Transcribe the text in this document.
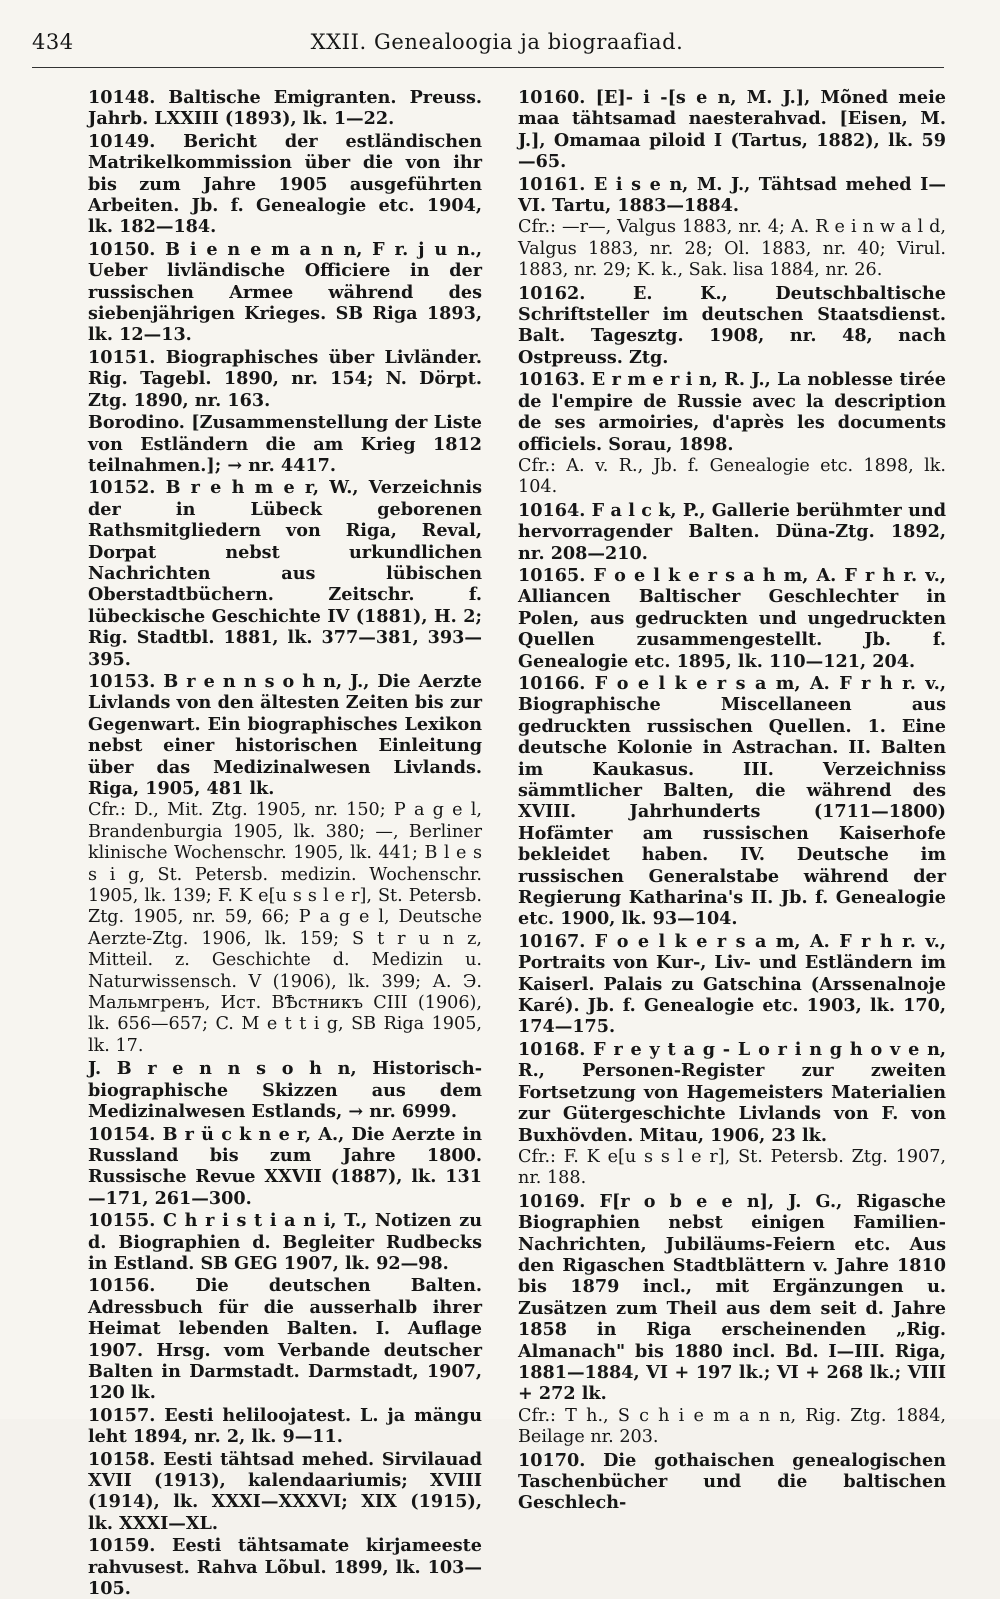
434	XXII. Genealoogia ja biograafiad.

10148. Baltische Emigranten. Preuss. Jahrb. LXXIII (1893), lk. 1—22.

10149. Bericht der estländischen Matrikelkommission über die von ihr bis zum Jahre 1905 ausgeführten Arbeiten. Jb. f. Genealogie etc. 1904, lk. 182—184.

10150. B i e n e m a n n, F r. j u n., Ueber livländische Officiere in der russischen Armee während des siebenjährigen Krieges. SB Riga 1893, lk. 12—13.

10151. Biographisches über Livländer. Rig. Tagebl. 1890, nr. 154; N. Dörpt. Ztg. 1890, nr. 163.

Borodino. [Zusammenstellung der Liste von Estländern die am Krieg 1812 teilnahmen.]; → nr. 4417.

10152. B r e h m e r, W., Verzeichnis der in Lübeck geborenen Rathsmitgliedern von Riga, Reval, Dorpat nebst urkundlichen Nachrichten aus lübischen Oberstadtbüchern. Zeitschr. f. lübeckische Geschichte IV (1881), H. 2; Rig. Stadtbl. 1881, lk. 377—381, 393—395.

10153. B r e n n s o h n, J., Die Aerzte Livlands von den ältesten Zeiten bis zur Gegenwart. Ein biographisches Lexikon nebst einer historischen Einleitung über das Medizinalwesen Livlands. Riga, 1905, 481 lk.

Cfr.: D., Mit. Ztg. 1905, nr. 150; P a g e l, Brandenburgia 1905, lk. 380; —, Berliner klinische Wochenschr. 1905, lk. 441; B l e s s i g, St. Petersb. medizin. Wochenschr. 1905, lk. 139; F. K e[u s s l e r], St. Petersb. Ztg. 1905, nr. 59, 66; P a g e l, Deutsche Aerzte-Ztg. 1906, lk. 159; S t r u n z, Mitteil. z. Geschichte d. Medizin u. Naturwissensch. V (1906), lk. 399; А. Э. Мальмгренъ, Ист. ВѢстникъ CIII (1906), lk. 656—657; C. M e t t i g, SB Riga 1905, lk. 17.

J. B r e n n s o h n, Historisch-biographische Skizzen aus dem Medizinalwesen Estlands, → nr. 6999.

10154. B r ü c k n e r, A., Die Aerzte in Russland bis zum Jahre 1800. Russische Revue XXVII (1887), lk. 131—171, 261—300.

10155. C h r i s t i a n i, T., Notizen zu d. Biographien d. Begleiter Rudbecks in Estland. SB GEG 1907, lk. 92—98.

10156. Die deutschen Balten. Adressbuch für die ausserhalb ihrer Heimat lebenden Balten. I. Auflage 1907. Hrsg. vom Verbande deutscher Balten in Darmstadt. Darmstadt, 1907, 120 lk.

10157. Eesti heliloojatest. L. ja mängu leht 1894, nr. 2, lk. 9—11.

10158. Eesti tähtsad mehed. Sirvilauad XVII (1913), kalendaariumis; XVIII (1914), lk. XXXI—XXXVI; XIX (1915), lk. XXXI—XL.

10159. Eesti tähtsamate kirjameeste rahvusest. Rahva Lõbul. 1899, lk. 103—105.

10160. [E]- i -[s e n, M. J.], Mõned meie maa tähtsamad naesterahvad. [Eisen, M. J.], Omamaa piloid I (Tartus, 1882), lk. 59—65.

10161. E i s e n, M. J., Tähtsad mehed I—VI. Tartu, 1883—1884.

Cfr.: —r—, Valgus 1883, nr. 4; A. R e i n w a l d, Valgus 1883, nr. 28; Ol. 1883, nr. 40; Virul. 1883, nr. 29; K. k., Sak. lisa 1884, nr. 26.

10162. E. K., Deutschbaltische Schriftsteller im deutschen Staatsdienst. Balt. Tagesztg. 1908, nr. 48, nach Ostpreuss. Ztg.

10163. E r m e r i n, R. J., La noblesse tirée de l'empire de Russie avec la description de ses armoiries, d'après les documents officiels. Sorau, 1898.

Cfr.: A. v. R., Jb. f. Genealogie etc. 1898, lk. 104.

10164. F a l c k, P., Gallerie berühmter und hervorragender Balten. Düna-Ztg. 1892, nr. 208—210.

10165. F o e l k e r s a h m, A. F r h r. v., Alliancen Baltischer Geschlechter in Polen, aus gedruckten und ungedruckten Quellen zusammengestellt. Jb. f. Genealogie etc. 1895, lk. 110—121, 204.

10166. F o e l k e r s a m, A. F r h r. v., Biographische Miscellaneen aus gedruckten russischen Quellen. 1. Eine deutsche Kolonie in Astrachan. II. Balten im Kaukasus. III. Verzeichniss sämmtlicher Balten, die während des XVIII. Jahrhunderts (1711—1800) Hofämter am russischen Kaiserhofe bekleidet haben. IV. Deutsche im russischen Generalstabe während der Regierung Katharina's II. Jb. f. Genealogie etc. 1900, lk. 93—104.

10167. F o e l k e r s a m, A. F r h r. v., Portraits von Kur-, Liv- und Estländern im Kaiserl. Palais zu Gatschina (Arssenalnoje Karé). Jb. f. Genealogie etc. 1903, lk. 170, 174—175.

10168. F r e y t a g - L o r i n g h o v e n, R., Personen-Register zur zweiten Fortsetzung von Hagemeisters Materialien zur Gütergeschichte Livlands von F. von Buxhövden. Mitau, 1906, 23 lk.

Cfr.: F. K e[u s s l e r], St. Petersb. Ztg. 1907, nr. 188.

10169. F[r o b e e n], J. G., Rigasche Biographien nebst einigen Familien-Nachrichten, Jubiläums-Feiern etc. Aus den Rigaschen Stadtblättern v. Jahre 1810 bis 1879 incl., mit Ergänzungen u. Zusätzen zum Theil aus dem seit d. Jahre 1858 in Riga erscheinenden „Rig. Almanach" bis 1880 incl. Bd. I—III. Riga, 1881—1884, VI + 197 lk.; VI + 268 lk.; VIII + 272 lk.

Cfr.: T h., S c h i e m a n n, Rig. Ztg. 1884, Beilage nr. 203.

10170. Die gothaischen genealogischen Taschenbücher und die baltischen Geschlech-
